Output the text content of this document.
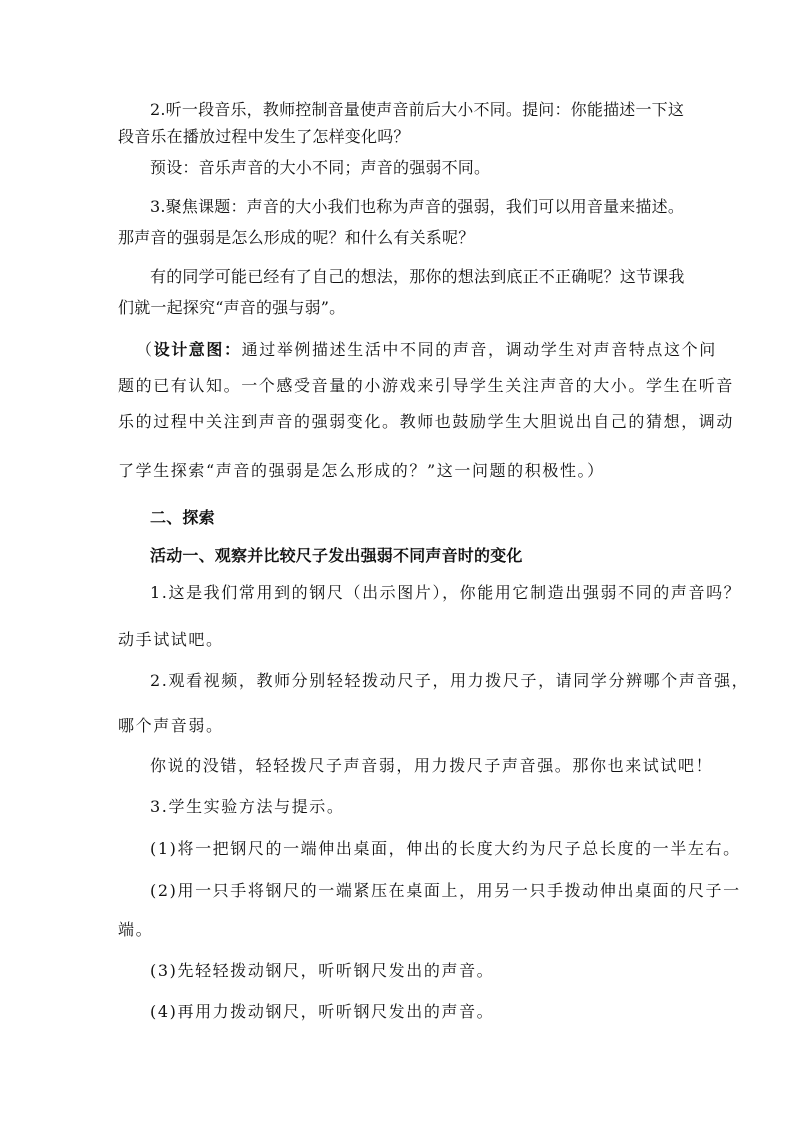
2.听一段音乐，教师控制音量使声音前后大小不同。提问：你能描述一下这
段音乐在播放过程中发生了怎样变化吗？
预设：音乐声音的大小不同；声音的强弱不同。
3.聚焦课题：声音的大小我们也称为声音的强弱，我们可以用音量来描述。
那声音的强弱是怎么形成的呢？和什么有关系呢？
有的同学可能已经有了自己的想法，那你的想法到底正不正确呢？这节课我
们就一起探究“声音的强与弱”。
（设计意图：通过举例描述生活中不同的声音，调动学生对声音特点这个问
题的已有认知。一个感受音量的小游戏来引导学生关注声音的大小。学生在听音
乐的过程中关注到声音的强弱变化。教师也鼓励学生大胆说出自己的猜想，调动
了学生探索“声音的强弱是怎么形成的？”这一问题的积极性。）
二、探索
活动一、观察并比较尺子发出强弱不同声音时的变化
1.这是我们常用到的钢尺（出示图片），你能用它制造出强弱不同的声音吗？
动手试试吧。
2.观看视频，教师分别轻轻拨动尺子，用力拨尺子，请同学分辨哪个声音强，
哪个声音弱。
你说的没错，轻轻拨尺子声音弱，用力拨尺子声音强。那你也来试试吧！
3.学生实验方法与提示。
(1)将一把钢尺的一端伸出桌面，伸出的长度大约为尺子总长度的一半左右。
(2)用一只手将钢尺的一端紧压在桌面上，用另一只手拨动伸出桌面的尺子一
端。
(3)先轻轻拨动钢尺，听听钢尺发出的声音。
(4)再用力拨动钢尺，听听钢尺发出的声音。
